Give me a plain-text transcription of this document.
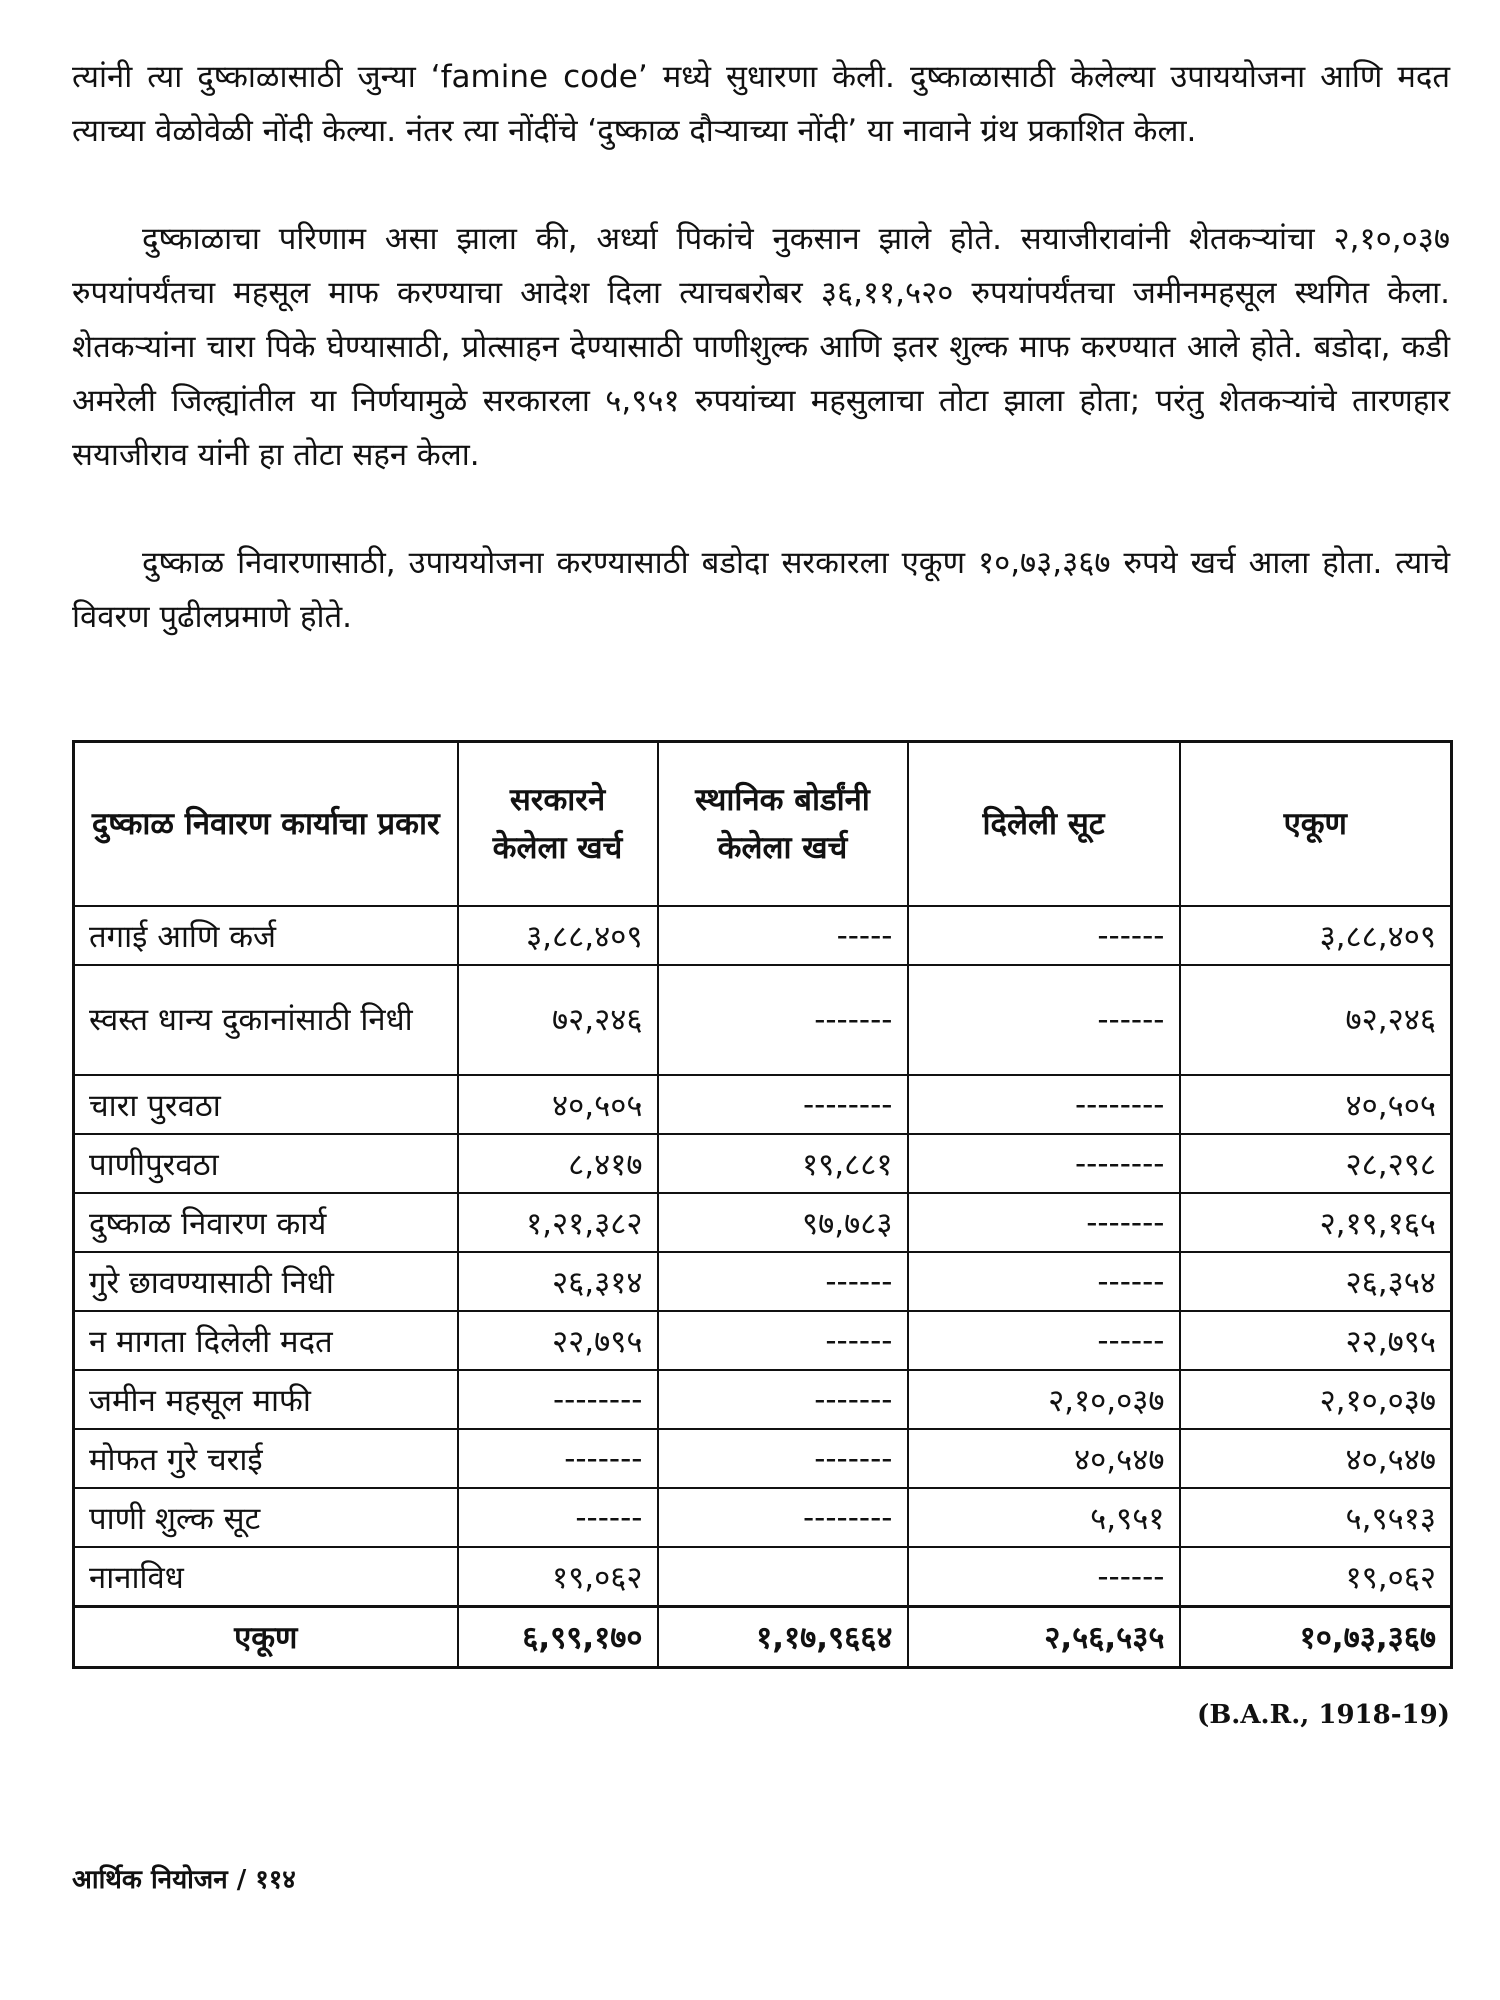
त्यांनी त्या दुष्काळासाठी जुन्या ‘famine code’ मध्ये सुधारणा केली. दुष्काळासाठी केलेल्या उपाययोजना आणि मदत त्याच्या वेळोवेळी नोंदी केल्या. नंतर त्या नोंदींचे ‘दुष्काळ दौऱ्याच्या नोंदी’ या नावाने ग्रंथ प्रकाशित केला.

दुष्काळाचा परिणाम असा झाला की, अर्ध्या पिकांचे नुकसान झाले होते. सयाजीरावांनी शेतकऱ्यांचा २,१०,०३७ रुपयांपर्यंतचा महसूल माफ करण्याचा आदेश दिला त्याचबरोबर ३६,११,५२० रुपयांपर्यंतचा जमीनमहसूल स्थगित केला. शेतकऱ्यांना चारा पिके घेण्यासाठी, प्रोत्साहन देण्यासाठी पाणीशुल्क आणि इतर शुल्क माफ करण्यात आले होते. बडोदा, कडी अमरेली जिल्ह्यांतील या निर्णयामुळे सरकारला ५,९५१ रुपयांच्या महसुलाचा तोटा झाला होता; परंतु शेतकऱ्यांचे तारणहार सयाजीराव यांनी हा तोटा सहन केला.

दुष्काळ निवारणासाठी, उपाययोजना करण्यासाठी बडोदा सरकारला एकूण १०,७३,३६७ रुपये खर्च आला होता. त्याचे विवरण पुढीलप्रमाणे होते.

दुष्काळ निवारण कार्याचा प्रकार	सरकारने केलेला खर्च	स्थानिक बोर्डांनी केलेला खर्च	दिलेली सूट	एकूण
तगाई आणि कर्ज	३,८८,४०९	-----	------	३,८८,४०९
स्वस्त धान्य दुकानांसाठी निधी	७२,२४६	-------	------	७२,२४६
चारा पुरवठा	४०,५०५	--------	--------	४०,५०५
पाणीपुरवठा	८,४१७	१९,८८१	--------	२८,२९८
दुष्काळ निवारण कार्य	१,२१,३८२	९७,७८३	-------	२,१९,१६५
गुरे छावण्यासाठी निधी	२६,३१४	------	------	२६,३५४
न मागता दिलेली मदत	२२,७९५	------	------	२२,७९५
जमीन महसूल माफी	--------	-------	२,१०,०३७	२,१०,०३७
मोफत गुरे चराई	-------	-------	४०,५४७	४०,५४७
पाणी शुल्क सूट	------	--------	५,९५१	५,९५१३
नानाविध	१९,०६२		------	१९,०६२
एकूण	६,९९,१७०	१,१७,९६६४	२,५६,५३५	१०,७३,३६७
(B.A.R., 1918-19)
आर्थिक नियोजन / ११४
